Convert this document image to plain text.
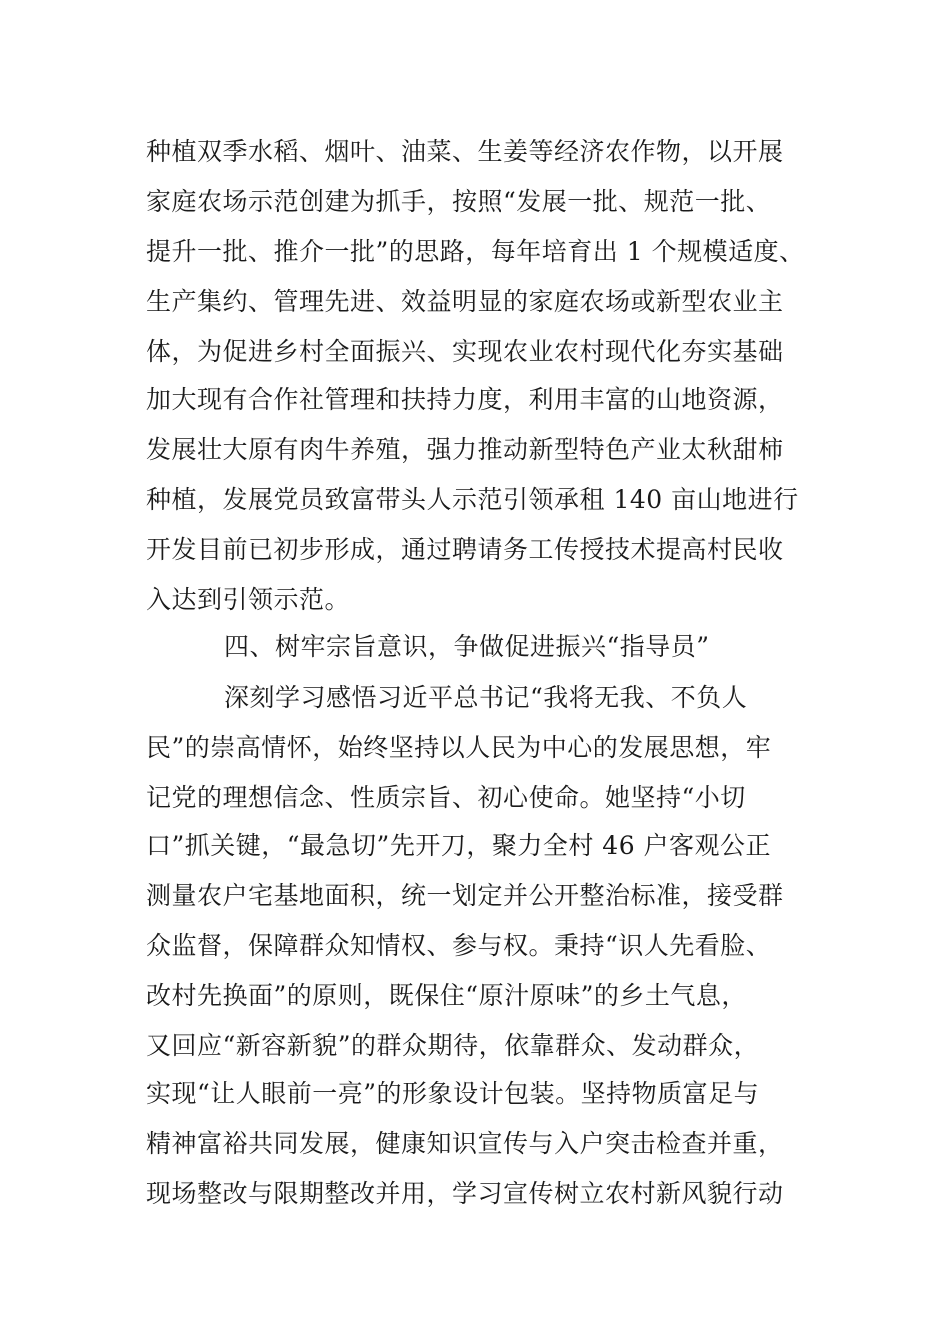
种植双季水稻、烟叶、油菜、生姜等经济农作物，以开展
家庭农场示范创建为抓手，按照“发展一批、规范一批、
提升一批、推介一批”的思路，每年培育出 1 个规模适度、
生产集约、管理先进、效益明显的家庭农场或新型农业主
体，为促进乡村全面振兴、实现农业农村现代化夯实基础
加大现有合作社管理和扶持力度，利用丰富的山地资源，
发展壮大原有肉牛养殖，强力推动新型特色产业太秋甜柿
种植，发展党员致富带头人示范引领承租 140 亩山地进行
开发目前已初步形成，通过聘请务工传授技术提高村民收
入达到引领示范。
四、树牢宗旨意识，争做促进振兴“指导员”
深刻学习感悟习近平总书记“我将无我、不负人
民”的崇高情怀，始终坚持以人民为中心的发展思想，牢
记党的理想信念、性质宗旨、初心使命。她坚持“小切
口”抓关键，“最急切”先开刀，聚力全村 46 户客观公正
测量农户宅基地面积，统一划定并公开整治标准，接受群
众监督，保障群众知情权、参与权。秉持“识人先看脸、
改村先换面”的原则，既保住“原汁原味”的乡土气息，
又回应“新容新貌”的群众期待，依靠群众、发动群众，
实现“让人眼前一亮”的形象设计包装。坚持物质富足与
精神富裕共同发展，健康知识宣传与入户突击检查并重，
现场整改与限期整改并用，学习宣传树立农村新风貌行动
